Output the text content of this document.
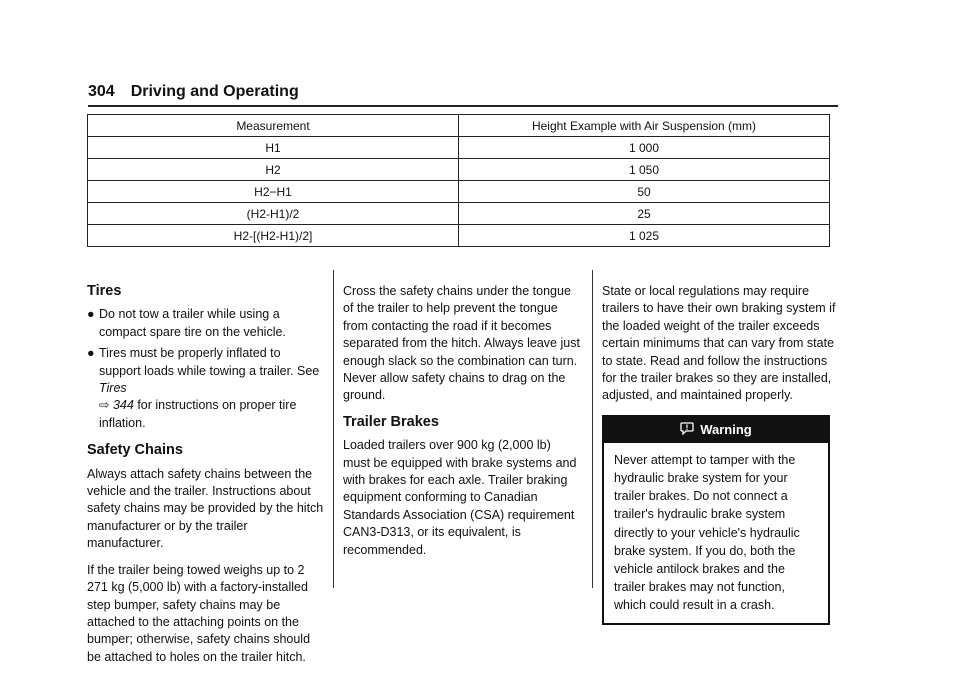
304 Driving and Operating
Measurement	Height Example with Air Suspension (mm)
H1	1 000
H2	1 050
H2−H1	50
(H2-H1)/2	25
H2-[(H2-H1)/2]	1 025
Tires
● Do not tow a trailer while using a compact spare tire on the vehicle.
● Tires must be properly inflated to support loads while towing a trailer. See Tires
⇨ 344 for instructions on proper tire inflation.
Safety Chains

Always attach safety chains between the vehicle and the trailer. Instructions about safety chains may be provided by the hitch manufacturer or by the trailer manufacturer.

If the trailer being towed weighs up to 2 271 kg (5,000 lb) with a factory-installed step bumper, safety chains may be attached to the attaching points on the bumper; otherwise, safety chains should be attached to holes on the trailer hitch.

Cross the safety chains under the tongue of the trailer to help prevent the tongue from contacting the road if it becomes separated from the hitch. Always leave just enough slack so the combination can turn. Never allow safety chains to drag on the ground.

Trailer Brakes

Loaded trailers over 900 kg (2,000 lb) must be equipped with brake systems and with brakes for each axle. Trailer braking equipment conforming to Canadian Standards Association (CSA) requirement CAN3-D313, or its equivalent, is recommended.

State or local regulations may require trailers to have their own braking system if the loaded weight of the trailer exceeds certain minimums that can vary from state to state. Read and follow the instructions for the trailer brakes so they are installed, adjusted, and maintained properly.

Warning
Never attempt to tamper with the hydraulic brake system for your trailer brakes. Do not connect a trailer's hydraulic brake system directly to your vehicle's hydraulic brake system. If you do, both the vehicle antilock brakes and the trailer brakes may not function, which could result in a crash.
